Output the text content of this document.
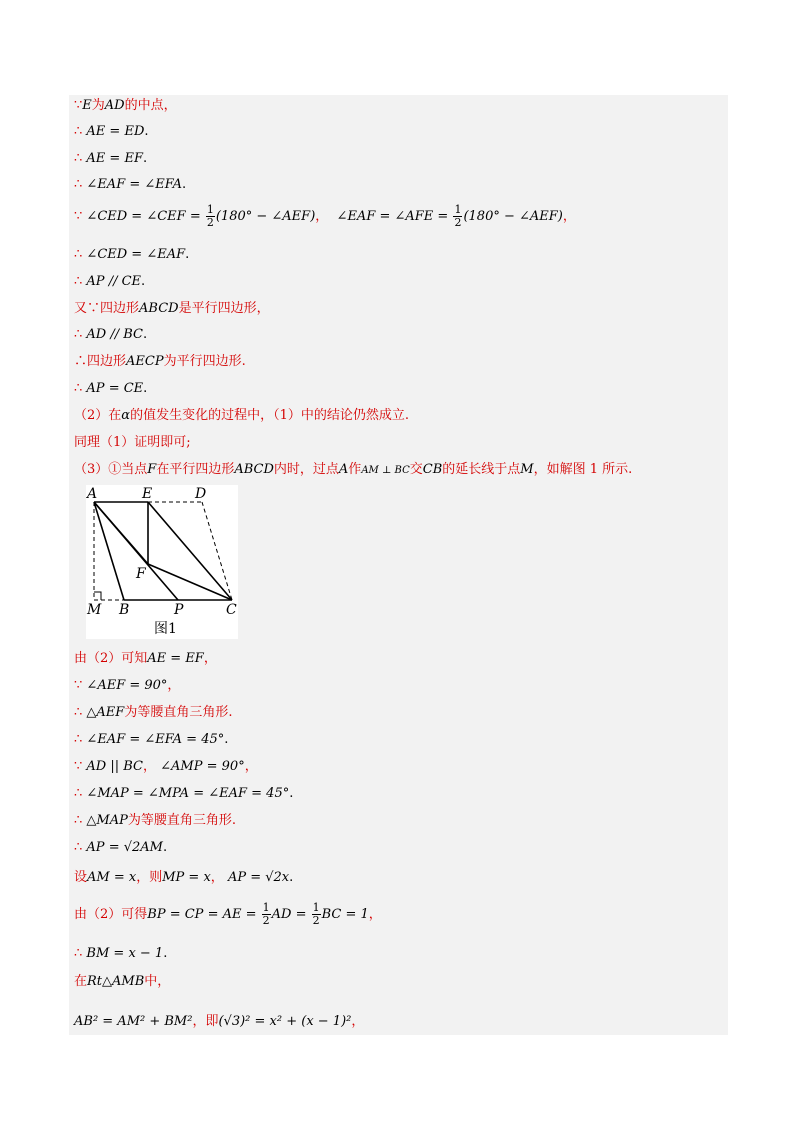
∵E为AD的中点，
∴ AE = ED.
∴ AE = EF.
∴ ∠EAF = ∠EFA.
∵ ∠CED = ∠CEF = $\frac{1}{2} (180^\circ$ − ∠AEF)， ∠EAF = ∠AFE = $\frac{1}{2} (180^\circ$ − ∠AEF)，
∴ ∠CED = ∠EAF.
∴ AP // CE.
又∵四边形ABCD是平行四边形，
∴ AD // BC.
∴四边形AECP为平行四边形.
∴ AP = CE.
（2）在α的值发生变化的过程中，（1）中的结论仍然成立.
同理（1）证明即可;
（3）①当点F在平行四边形ABCD内时，过点A作AM ⊥ BC交CB的延长线于点M，如解图 1 所示.
A	E	D
F
M B	P	C
图1
由（2）可知AE = EF，
∵ ∠AEF = 90°，
∴ △AEF为等腰直角三角形.
∴ ∠EAF = ∠EFA = 45°.
∵ AD || BC， ∠AMP = 90°，
∴ ∠MAP = ∠MPA = ∠EAF = 45°.
∴ △MAP为等腰直角三角形.
∴ AP = √2AM.
设AM = x，则MP = x， AP = √2x.
由（2）可得BP = CP = AE = $\frac{1}{2}$ AD = $\frac{1}{2}$ BC = 1，
∴ BM = x − 1.
在Rt△AMB中，
AB² = AM² + BM²，即(√3)² = x² + (x − 1)²，
